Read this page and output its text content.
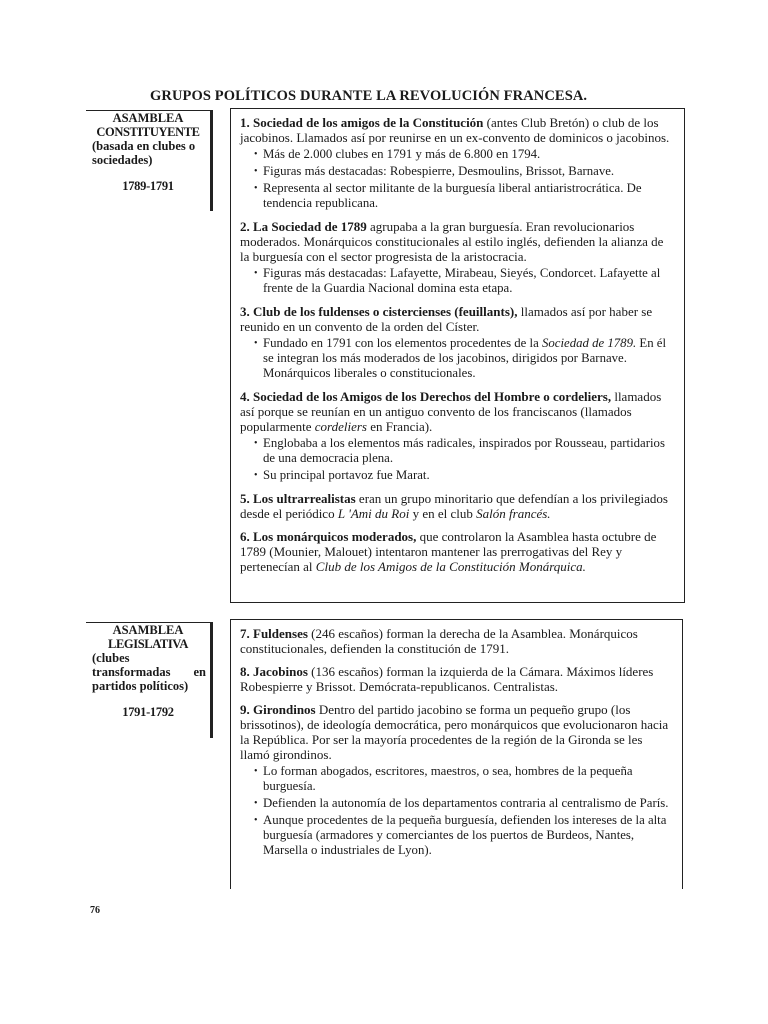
GRUPOS POLÍTICOS DURANTE LA REVOLUCIÓN FRANCESA.
ASAMBLEA
CONSTITUYENTE
(basada en clubes o sociedades)
1789-1791

1. Sociedad de los amigos de la Constitución (antes Club Bretón) o club de los jacobinos. Llamados así por reunirse en un ex-convento de dominicos o jacobinos.

• Más de 2.000 clubes en 1791 y más de 6.800 en 1794.
• Figuras más destacadas: Robespierre, Desmoulins, Brissot, Barnave.
• Representa al sector militante de la burguesía liberal antiaristrocrática. De tendencia republicana.

2. La Sociedad de 1789 agrupaba a la gran burguesía. Eran revolucionarios moderados. Monárquicos constitucionales al estilo inglés, defienden la alianza de la burguesía con el sector progresista de la aristocracia.

• Figuras más destacadas: Lafayette, Mirabeau, Sieyés, Condorcet. Lafayette al frente de la Guardia Nacional domina esta etapa.

3. Club de los fuldenses o cistercienses (feuillants), llamados así por haber se reunido en un convento de la orden del Císter.

• Fundado en 1791 con los elementos procedentes de la Sociedad de 1789. En él se integran los más moderados de los jacobinos, dirigidos por Barnave. Monárquicos liberales o constitucionales.

4. Sociedad de los Amigos de los Derechos del Hombre o cordeliers, llamados así porque se reunían en un antiguo convento de los franciscanos (llamados popularmente cordeliers en Francia).

• Englobaba a los elementos más radicales, inspirados por Rousseau, partidarios de una democracia plena.
• Su principal portavoz fue Marat.

5. Los ultrarrealistas eran un grupo minoritario que defendían a los privilegiados desde el periódico L 'Ami du Roi y en el club Salón francés.

6. Los monárquicos moderados, que controlaron la Asamblea hasta octubre de 1789 (Mounier, Malouet) intentaron mantener las prerrogativas del Rey y pertenecían al Club de los Amigos de la Constitución Monárquica.

ASAMBLEA
LEGISLATIVA
(clubes transformadas en partidos políticos)
1791-1792

7. Fuldenses (246 escaños) forman la derecha de la Asamblea. Monárquicos constitucionales, defienden la constitución de 1791.

8. Jacobinos (136 escaños) forman la izquierda de la Cámara. Máximos líderes Robespierre y Brissot. Demócrata-republicanos. Centralistas.

9. Girondinos Dentro del partido jacobino se forma un pequeño grupo (los brissotinos), de ideología democrática, pero monárquicos que evolucionaron hacia la República. Por ser la mayoría procedentes de la región de la Gironda se les llamó girondinos.

• Lo forman abogados, escritores, maestros, o sea, hombres de la pequeña burguesía.
• Defienden la autonomía de los departamentos contraria al centralismo de París.
• Aunque procedentes de la pequeña burguesía, defienden los intereses de la alta burguesía (armadores y comerciantes de los puertos de Burdeos, Nantes, Marsella o industriales de Lyon).
76
